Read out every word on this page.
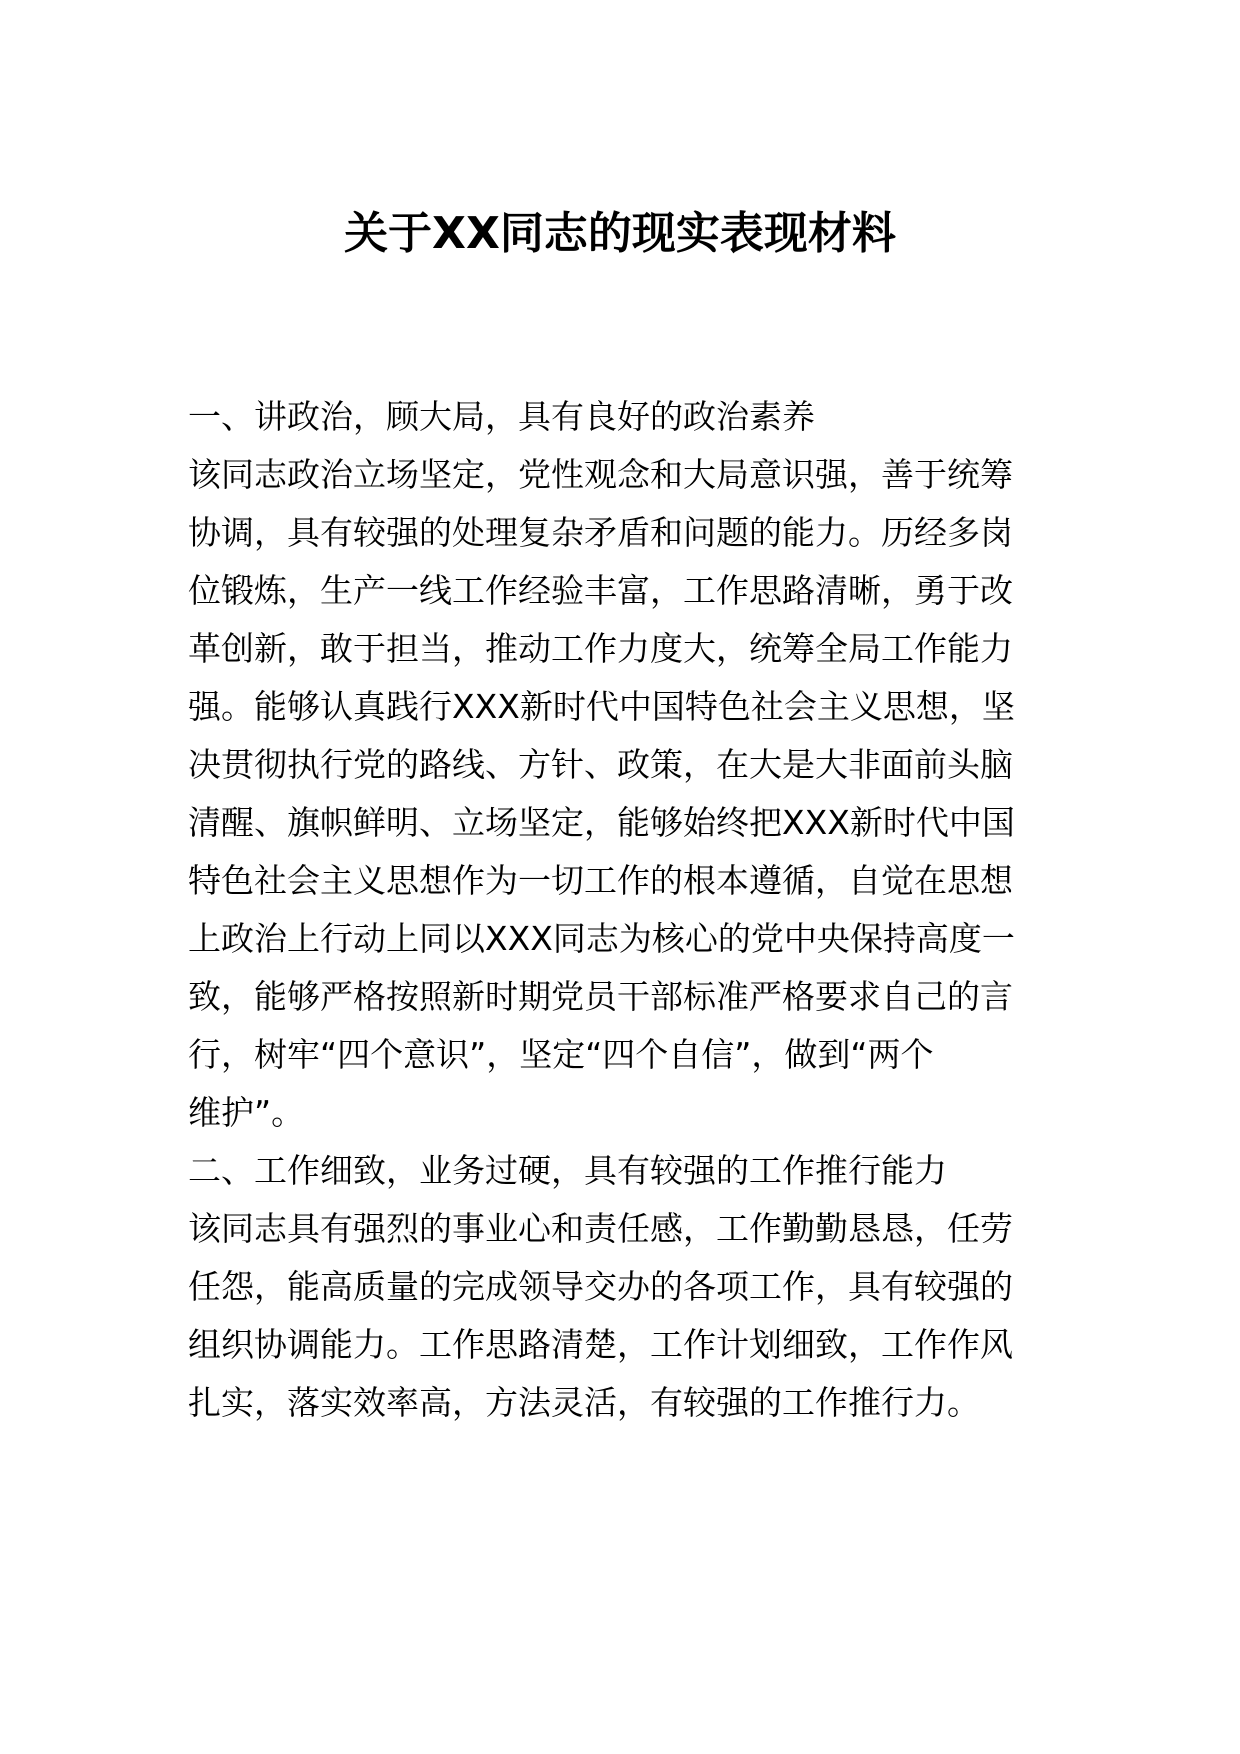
关于XX同志的现实表现材料

一、讲政治，顾大局，具有良好的政治素养

该同志政治立场坚定，党性观念和大局意识强，善于统筹

协调，具有较强的处理复杂矛盾和问题的能力。历经多岗

位锻炼，生产一线工作经验丰富，工作思路清晰，勇于改

革创新，敢于担当，推动工作力度大，统筹全局工作能力

强。能够认真践行XXX新时代中国特色社会主义思想，坚

决贯彻执行党的路线、方针、政策，在大是大非面前头脑

清醒、旗帜鲜明、立场坚定，能够始终把XXX新时代中国

特色社会主义思想作为一切工作的根本遵循，自觉在思想

上政治上行动上同以XXX同志为核心的党中央保持高度一

致，能够严格按照新时期党员干部标准严格要求自己的言

行，树牢“四个意识”，坚定“四个自信”，做到“两个

维护”。

二、工作细致，业务过硬，具有较强的工作推行能力

该同志具有强烈的事业心和责任感，工作勤勤恳恳，任劳

任怨，能高质量的完成领导交办的各项工作，具有较强的

组织协调能力。工作思路清楚，工作计划细致，工作作风

扎实，落实效率高，方法灵活，有较强的工作推行力。
